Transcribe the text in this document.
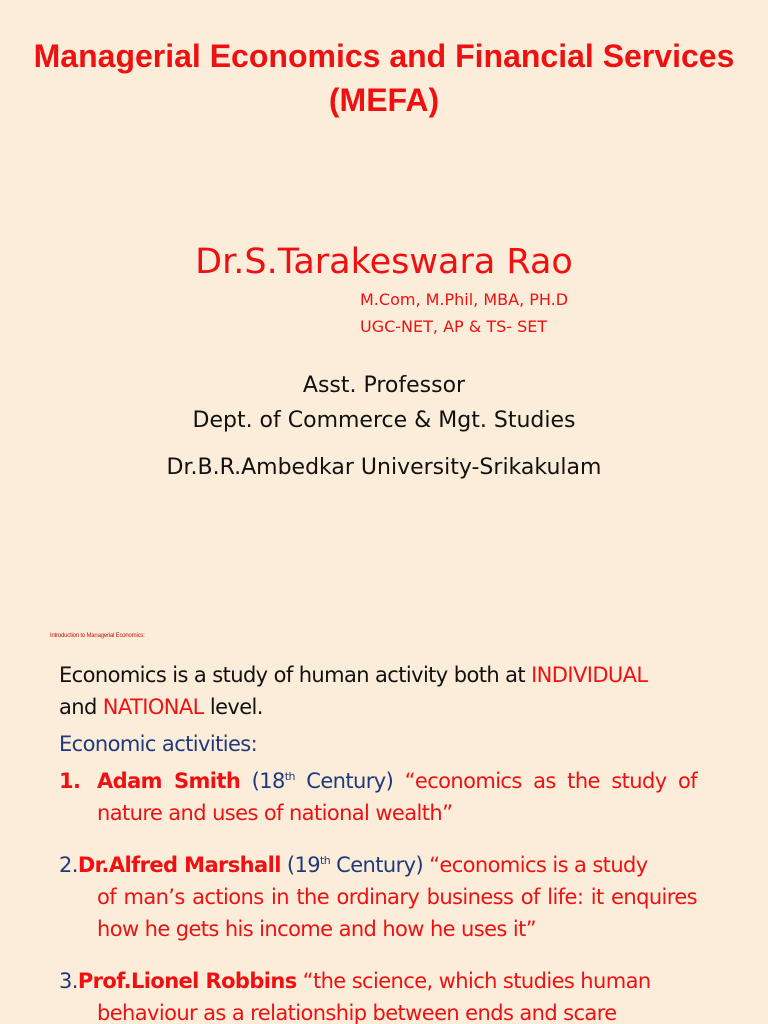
Managerial Economics and Financial Services (MEFA)
Dr.S.Tarakeswara Rao
M.Com, M.Phil, MBA, PH.D
UGC-NET, AP & TS- SET
Asst. Professor
Dept. of Commerce & Mgt. Studies
Dr.B.R.Ambedkar University-Srikakulam
Introduction to Managerial Economics:
Economics is a study of human activity both at INDIVIDUAL
and NATIONAL level.
Economic activities:
1. Adam Smith (18th Century) “economics as the study of nature and uses of national wealth”
2.Dr.Alfred Marshall (19th Century) “economics is a study
of man’s actions in the ordinary business of life: it enquires how he gets his income and how he uses it”
3.Prof.Lionel Robbins “the science, which studies human
behaviour as a relationship between ends and scare
